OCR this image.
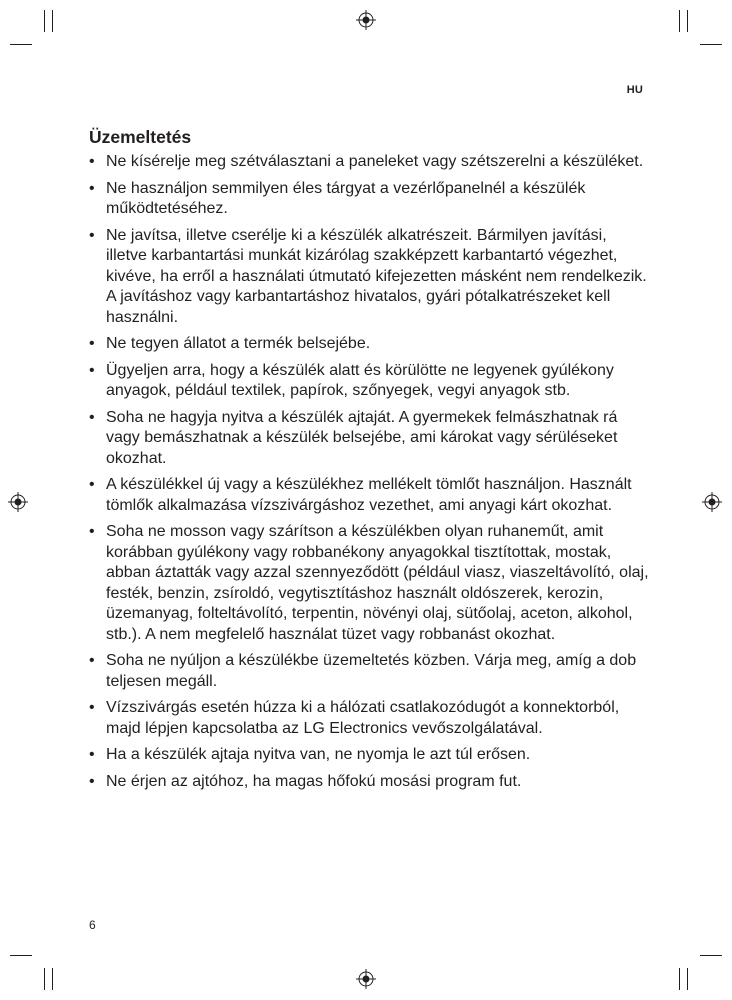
HU
Üzemeltetés
• Ne kísérelje meg szétválasztani a paneleket vagy szétszerelni a készüléket.
• Ne használjon semmilyen éles tárgyat a vezérlőpanelnél a készülék működtetéséhez.
• Ne javítsa, illetve cserélje ki a készülék alkatrészeit. Bármilyen javítási, illetve karbantartási munkát kizárólag szakképzett karbantartó végezhet, kivéve, ha erről a használati útmutató kifejezetten másként nem rendelkezik. A javításhoz vagy karbantartáshoz hivatalos, gyári pótalkatrészeket kell használni.
• Ne tegyen állatot a termék belsejébe.
• Ügyeljen arra, hogy a készülék alatt és körülötte ne legyenek gyúlékony anyagok, például textilek, papírok, szőnyegek, vegyi anyagok stb.
• Soha ne hagyja nyitva a készülék ajtaját. A gyermekek felmászhatnak rá vagy bemászhatnak a készülék belsejébe, ami károkat vagy sérüléseket okozhat.
• A készülékkel új vagy a készülékhez mellékelt tömlőt használjon. Használt tömlők alkalmazása vízszivárgáshoz vezethet, ami anyagi kárt okozhat.
• Soha ne mosson vagy szárítson a készülékben olyan ruhaneműt, amit korábban gyúlékony vagy robbanékony anyagokkal tisztítottak, mostak, abban áztatták vagy azzal szennyeződött (például viasz, viaszeltávolító, olaj, festék, benzin, zsíroldó, vegytisztításhoz használt oldószerek, kerozin, üzemanyag, folteltávolító, terpentin, növényi olaj, sütőolaj, aceton, alkohol, stb.). A nem megfelelő használat tüzet vagy robbanást okozhat.
• Soha ne nyúljon a készülékbe üzemeltetés közben. Várja meg, amíg a dob teljesen megáll.
• Vízszivárgás esetén húzza ki a hálózati csatlakozódugót a konnektorból, majd lépjen kapcsolatba az LG Electronics vevőszolgálatával.
• Ha a készülék ajtaja nyitva van, ne nyomja le azt túl erősen.
• Ne érjen az ajtóhoz, ha magas hőfokú mosási program fut.
6
